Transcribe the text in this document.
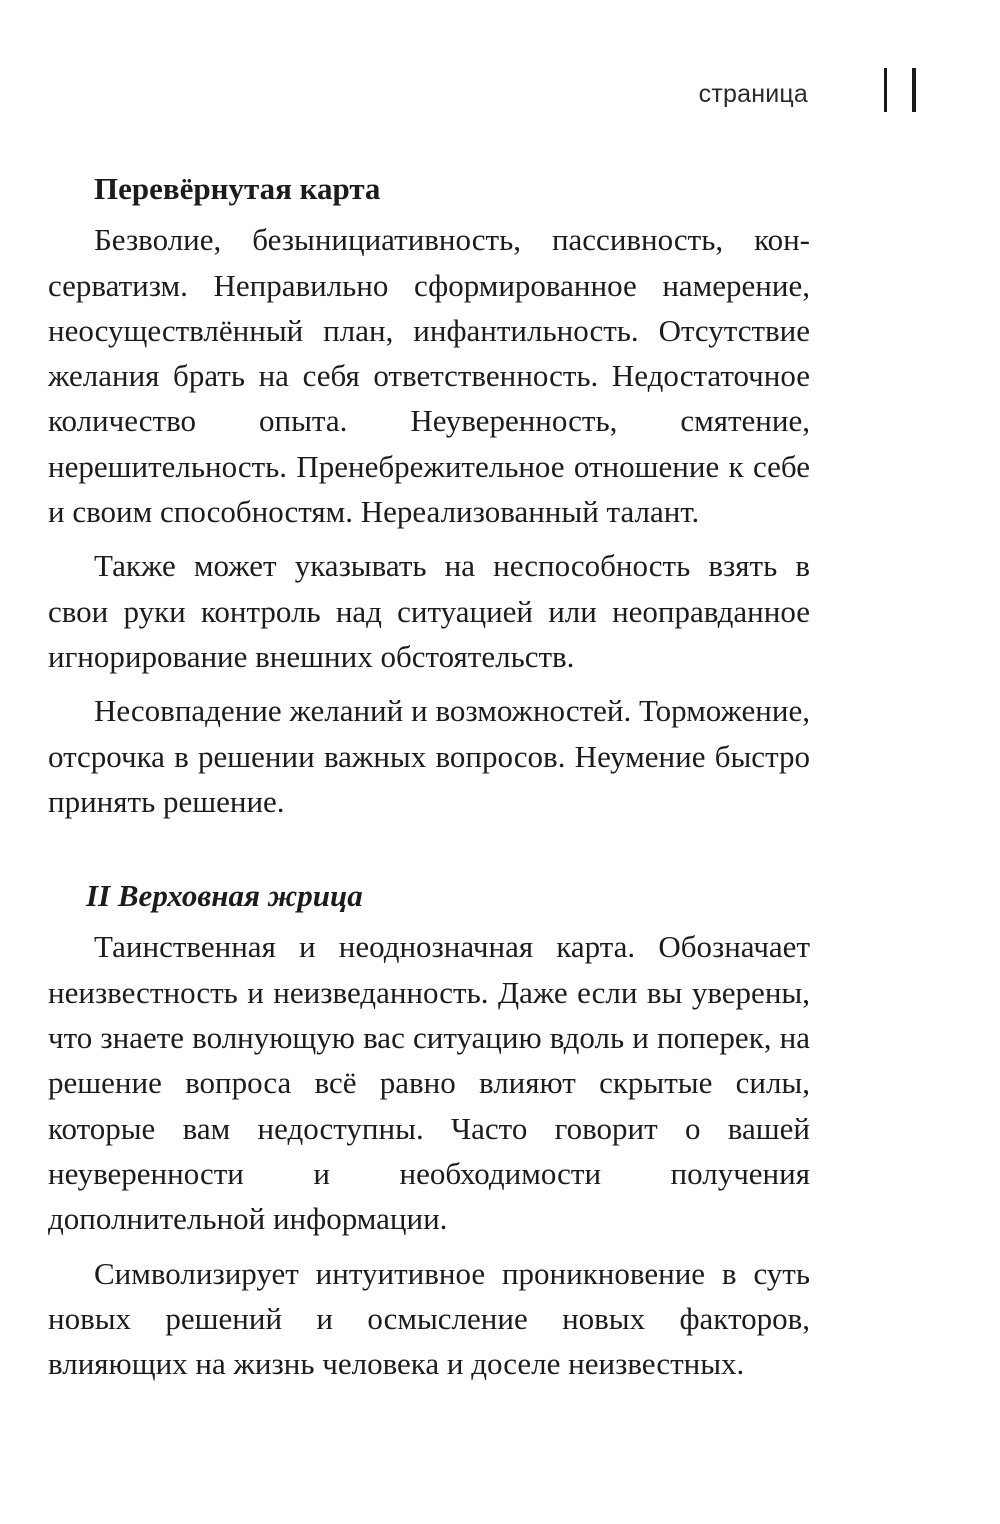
страница
Перевёрнутая карта

Безволие, безынициативность, пассивность, консерватизм. Неправильно сформированное намерение, неосуществлённый план, инфантильность. Отсутствие желания брать на себя ответственность. Недостаточное количество опыта. Неуверенность, смятение, нерешительность. Пренебрежительное отношение к себе и своим способностям. Нереализованный талант.

Также может указывать на неспособность взять в свои руки контроль над ситуацией или неоправданное игнорирование внешних обстоятельств.

Несовпадение желаний и возможностей. Торможение, отсрочка в решении важных вопросов. Неумение быстро принять решение.

II Верховная жрица

Таинственная и неоднозначная карта. Обозначает неизвестность и неизведанность. Даже если вы уверены, что знаете волнующую вас ситуацию вдоль и поперек, на решение вопроса всё равно влияют скрытые силы, которые вам недоступны. Часто говорит о вашей неуверенности и необходимости получения дополнительной информации.

Символизирует интуитивное проникновение в суть новых решений и осмысление новых факторов, влияющих на жизнь человека и доселе неизвестных.
